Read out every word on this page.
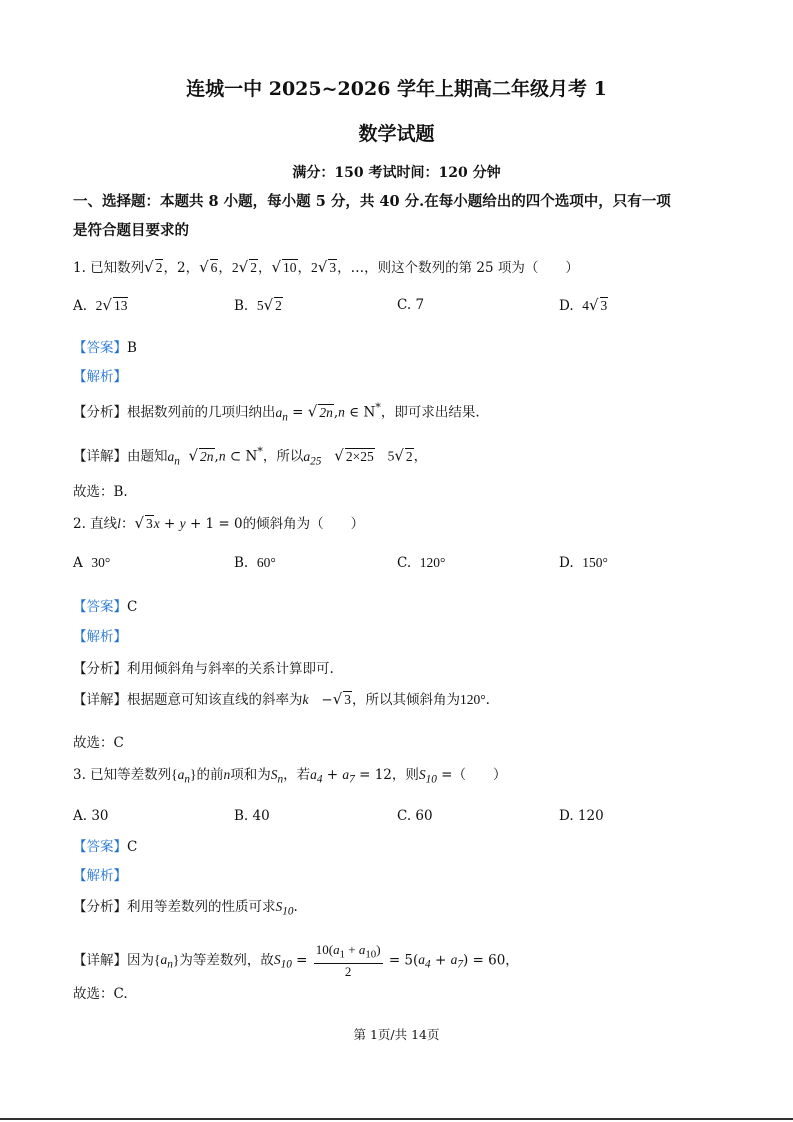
连城一中 2025~2026 学年上期高二年级月考 1
数学试题
满分：150 考试时间：120 分钟
一、选择题：本题共 8 小题，每小题 5 分，共 40 分.在每小题给出的四个选项中，只有一项
是符合题目要求的
1. 已知数列√ 2，2，√ 6，2√ 2，√ 10，2√ 3，…，则这个数列的第 25 项为（　　）
A. 2√ 13	B. 5√ 2	C. 7	D. 4√ 3
【答案】B
【解析】
【分析】根据数列前的几项归纳出$a_n$ = √ 2n,n ∈ N*，即可求出结果.
【详解】由题知$a_n$ √ 2n,n ⊂ N*，所以$a_{25}$ √ 2×25 5√ 2，
故选：B.
2. 直线l：√ 3x + y + 1 = 0的倾斜角为（　　）
A 30°	B. 60°	C. 120°	D. 150°
【答案】C
【解析】
【分析】利用倾斜角与斜率的关系计算即可.
【详解】根据题意可知该直线的斜率为k   −√ 3，所以其倾斜角为120°.
故选：C
3. 已知等差数列$\{a_n\}$的前n项和为$S_n$，若$a_4 + a_7 = 12$，则$S_{10}$ =（　　）
A. 30	B. 40	C. 60	D. 120
【答案】C
【解析】
【分析】利用等差数列的性质可求$S_{10}$.
【详解】因为$\{a_n\}$为等差数列，故$S_{10} = \frac{10(a_1 + a_{10})}{2} = 5(a_4 + a_7) = 60$，
故选：C.
第 1页/共 14页
